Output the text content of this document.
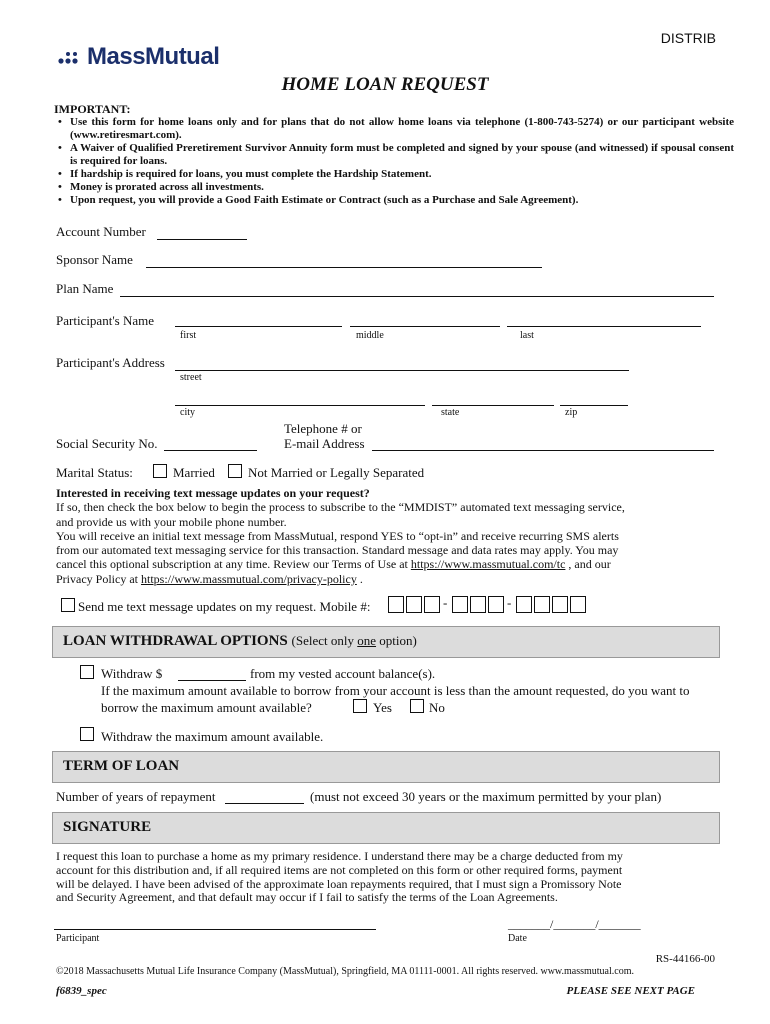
DISTRIB
MassMutual
HOME LOAN REQUEST
IMPORTANT:
• Use this form for home loans only and for plans that do not allow home loans via telephone (1-800-743-5274) or our participant website (www.retiresmart.com).
• A Waiver of Qualified Preretirement Survivor Annuity form must be completed and signed by your spouse (and witnessed) if spousal consent is required for loans.
• If hardship is required for loans, you must complete the Hardship Statement.
• Money is prorated across all investments.
• Upon request, you will provide a Good Faith Estimate or Contract (such as a Purchase and Sale Agreement).
Account Number
Sponsor Name
Plan Name
Participant's Name
first	middle	last
Participant's Address
street
city	state	zip
Social Security No.
Telephone # or
E-mail Address
Marital Status:	Married	Not Married or Legally Separated
Interested in receiving text message updates on your request?
If so, then check the box below to begin the process to subscribe to the “MMDIST” automated text messaging service,
and provide us with your mobile phone number.
You will receive an initial text message from MassMutual, respond YES to “opt-in” and receive recurring SMS alerts
from our automated text messaging service for this transaction. Standard message and data rates may apply. You may
cancel this optional subscription at any time. Review our Terms of Use at https://www.massmutual.com/tc , and our
Privacy Policy at https://www.massmutual.com/privacy-policy .
Send me text message updates on my request. Mobile #:	-	-
LOAN WITHDRAWAL OPTIONS (Select only one option)
Withdraw $	from my vested account balance(s).
If the maximum amount available to borrow from your account is less than the amount requested, do you want to
borrow the maximum amount available?	Yes	No
Withdraw the maximum amount available.
TERM OF LOAN
Number of years of repayment	(must not exceed 30 years or the maximum permitted by your plan)
SIGNATURE
I request this loan to purchase a home as my primary residence. I understand there may be a charge deducted from my
account for this distribution and, if all required items are not completed on this form or other required forms, payment
will be delayed. I have been advised of the approximate loan repayments required, that I must sign a Promissory Note
and Security Agreement, and that default may occur if I fail to satisfy the terms of the Loan Agreements.
Participant
_______/_______/_______
Date
RS-44166-00
©2018 Massachusetts Mutual Life Insurance Company (MassMutual), Springfield, MA 01111-0001. All rights reserved. www.massmutual.com.
f6839_spec	PLEASE SEE NEXT PAGE
